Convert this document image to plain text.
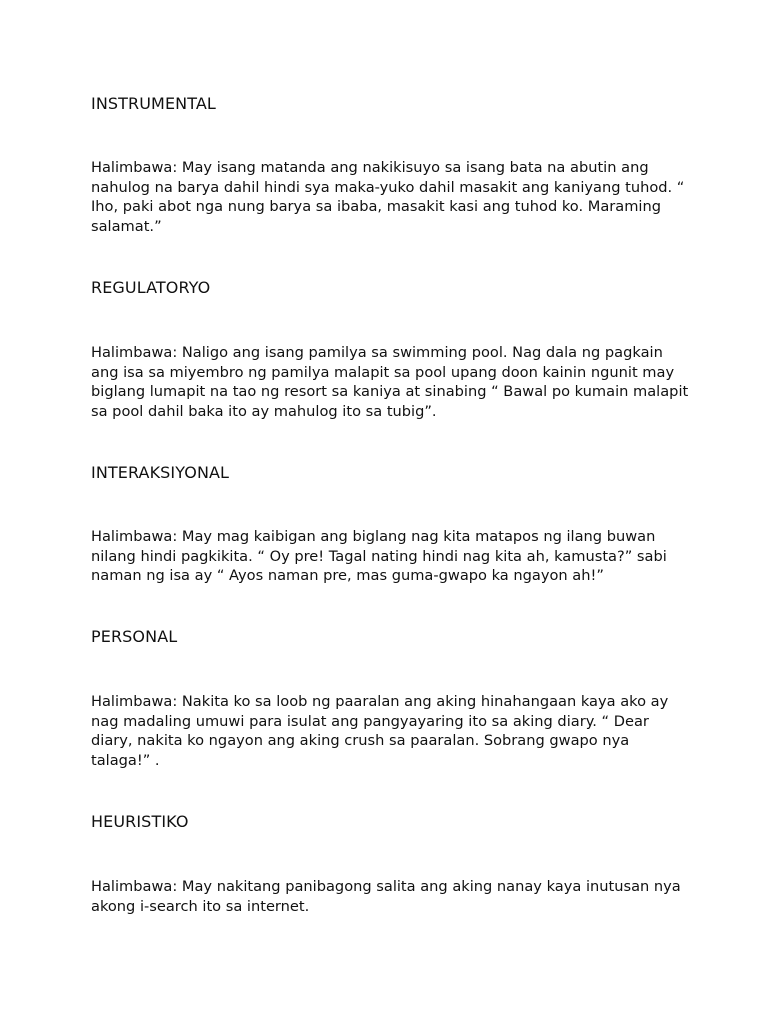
INSTRUMENTAL

Halimbawa: May isang matanda ang nakikisuyo sa isang bata na abutin ang nahulog na barya dahil hindi sya maka-yuko dahil masakit ang kaniyang tuhod. “ Iho, paki abot nga nung barya sa ibaba, masakit kasi ang tuhod ko. Maraming salamat.”

REGULATORYO

Halimbawa: Naligo ang isang pamilya sa swimming pool. Nag dala ng pagkain ang isa sa miyembro ng pamilya malapit sa pool upang doon kainin ngunit may biglang lumapit na tao ng resort sa kaniya at sinabing “ Bawal po kumain malapit sa pool dahil baka ito ay mahulog ito sa tubig”.

INTERAKSIYONAL

Halimbawa: May mag kaibigan ang biglang nag kita matapos ng ilang buwan nilang hindi pagkikita. “ Oy pre! Tagal nating hindi nag kita ah, kamusta?” sabi naman ng isa ay “ Ayos naman pre, mas guma-gwapo ka ngayon ah!”

PERSONAL

Halimbawa: Nakita ko sa loob ng paaralan ang aking hinahangaan kaya ako ay nag madaling umuwi para isulat ang pangyayaring ito sa aking diary. “ Dear diary, nakita ko ngayon ang aking crush sa paaralan. Sobrang gwapo nya talaga!” .

HEURISTIKO

Halimbawa: May nakitang panibagong salita ang aking nanay kaya inutusan nya akong i-search ito sa internet.
